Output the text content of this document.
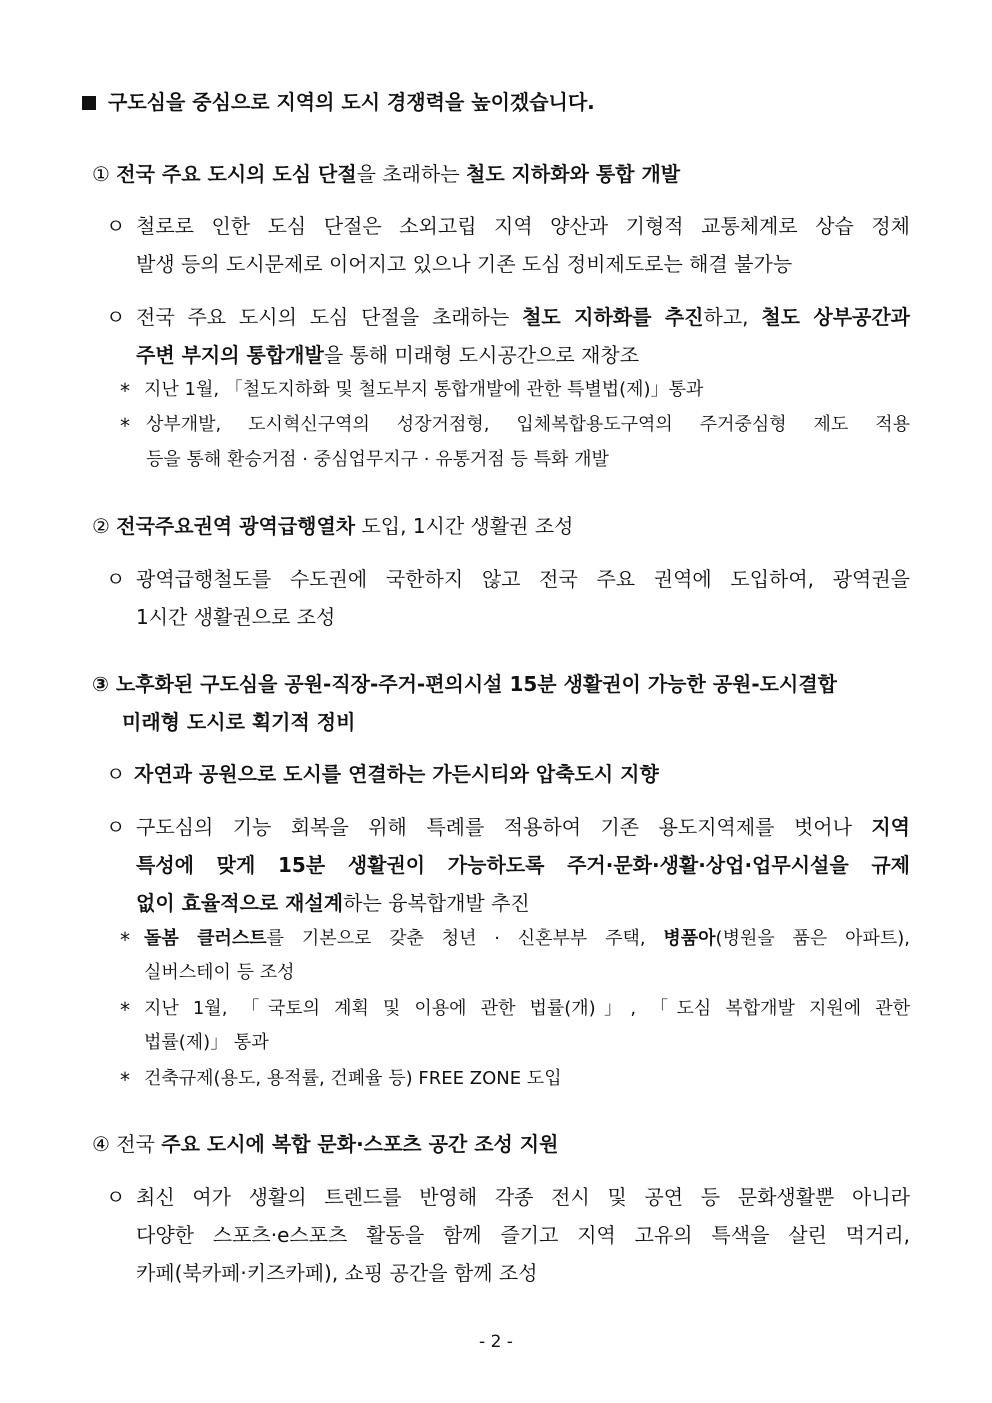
구도심을 중심으로 지역의 도시 경쟁력을 높이겠습니다.
① 전국 주요 도시의 도심 단절을 초래하는 철도 지하화와 통합 개발
ㅇ 철로로 인한 도심 단절은 소외고립 지역 양산과 기형적 교통체계로 상습 정체
발생 등의 도시문제로 이어지고 있으나 기존 도심 정비제도로는 해결 불가능
ㅇ 전국 주요 도시의 도심 단절을 초래하는 철도 지하화를 추진하고, 철도 상부공간과
주변 부지의 통합개발을 통해 미래형 도시공간으로 재창조
* 지난 1월, 「철도지하화 및 철도부지 통합개발에 관한 특별법(제)」통과
* 상부개발, 도시혁신구역의 성장거점형, 입체복합용도구역의 주거중심형 제도 적용
등을 통해 환승거점 · 중심업무지구 · 유통거점 등 특화 개발
② 전국주요권역 광역급행열차 도입, 1시간 생활권 조성
ㅇ 광역급행철도를 수도권에 국한하지 않고 전국 주요 권역에 도입하여, 광역권을
1시간 생활권으로 조성
③ 노후화된 구도심을 공원-직장-주거-편의시설 15분 생활권이 가능한 공원-도시결합
미래형 도시로 획기적 정비
ㅇ 자연과 공원으로 도시를 연결하는 가든시티와 압축도시 지향
ㅇ 구도심의 기능 회복을 위해 특례를 적용하여 기존 용도지역제를 벗어나 지역
특성에 맞게 15분 생활권이 가능하도록 주거·문화·생활·상업·업무시설을 규제
없이 효율적으로 재설계하는 융복합개발 추진
* 돌봄 클러스트를 기본으로 갖춘 청년 · 신혼부부 주택, 병품아(병원을 품은 아파트),
실버스테이 등 조성
* 지난 1월, 「국토의 계획 및 이용에 관한 법률(개)」, 「도심 복합개발 지원에 관한
법률(제)」 통과
* 건축규제(용도, 용적률, 건폐율 등) FREE ZONE 도입
④ 전국 주요 도시에 복합 문화·스포츠 공간 조성 지원
ㅇ 최신 여가 생활의 트렌드를 반영해 각종 전시 및 공연 등 문화생활뿐 아니라
다양한 스포츠·e스포츠 활동을 함께 즐기고 지역 고유의 특색을 살린 먹거리,
카페(북카페·키즈카페), 쇼핑 공간을 함께 조성
- 2 -
